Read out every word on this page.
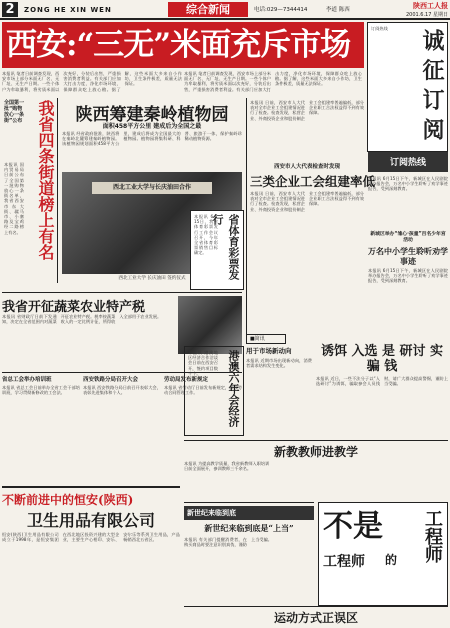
2	ZONG HE XIN WEN	综合新闻	电话:029—7344414	李道 陈西	陕西工人报
2001.6.17 星期日
西安:“三无”米面充斥市场
本报讯 笔者日前调查发现，西安市场上部分米面无厂名、无厂址、无生产日期。一些个体户为牟取暴利，将劣质米面以次充好，分装后出售，严重损害消费者利益。有关部门应加大打击力度，净化市场环境，保障群众吃上放心粮。据了解，这些米面大多来自小作坊，卫生条件极差，质量无法保证。
本报讯 笔者日前调查发现，西安市场上部分米面无厂名、无厂址、无生产日期。一些个体户为牟取暴利，将劣质米面以次充好，分装后出售，严重损害消费者利益。有关部门应加大打击力度，净化市场环境，保障群众吃上放心粮。据了解，这些米面大多来自小作坊，卫生条件极差，质量无法保证。
订阅热线
诚 征 订 阅
订阅热线
全国第一批“购物放心一条街”公布 我省四条街道榜上有名
本报讯 国内贸易局日前公布了全国第一批购物放心一条街名单，我省西安市东大街、骡马市、小寨路及宝鸡经二路榜上有名。
陕西筹建秦岭植物园
面积458平方公里 建成后为全国之最
本报讯 经省政府批准，陕西将在秦岭北麓筹建秦岭植物园。该植物园规划面积458平方公里，建成后将成为全国最大的植物园。植物园将集科研、科普、旅游于一体，保护秦岭珍稀动植物资源。
西北工业大学与长庆油田合作
西北工业大学 长庆油田 签约仪式
本报讯 日前，西安市人大代表对全市企业工会组建情况进行了检查。检查发现，私营企业、外商投资企业和股份制企业工会组建率普遍偏低，部分企业职工合法权益得不到有效保障。
西安市人大代表检查时发现
三类企业工会组建率低
本报讯 日前，西安市人大代表对全市企业工会组建情况进行了检查。检查发现，私营企业、外商投资企业和股份制企业工会组建率普遍偏低，部分企业职工合法权益得不到有效保障。
省体育彩票发行
本报讯 6月15日，我省体育彩票发行工作会议召开，今年全省体育彩票销售目标确定。
本报讯 6月15日下午，新城区在人民剧院举办报告会，万名中小学生聆听了劝学事迹报告，受到深刻教育。
新城区举办“雏心·孩童”百名少年宫活动
万名中小学生聆听劝学事迹
本报讯 6月15日下午，新城区在人民剧院举办报告会，万名中小学生聆听了劝学事迹报告，受到深刻教育。
我省开征蔬菜农业特产税
本报讯 省财政厅日前下发通知，决定在全省范围内对蔬菜开征农业特产税。税率按蔬菜收入的一定比例计征，所得收入全部用于农业发展。
省总工会举办培训班
本报讯 省总工会日前举办全省工会干部培训班，学习贯彻新修改的工会法。
西安铁路分局召开大会
本报讯 西安铁路分局日前召开表彰大会，表彰先进集体和个人。
劳动局发布新规定
本报讯 省劳动厅日前发布新规定，加强劳动合同管理工作。
不断前进中的恒安(陕西)
卫生用品有限公司
恒安(陕西)卫生用品有限公司成立于1998年，是恒安集团在西北地区投资兴建的大型企业，主要生产心相印、安乐、安尔乐等系列卫生用品，产品畅销西北五省区。
港澳六年会经济
本报讯 港澳地区经济合作洽谈会日前在西安召开，签约项目数十个。
用于市场新动向
本报讯 近期市场出现新动向，消费者需求结构发生变化。
诱饵 入选 是 研讨 实 骗 钱
本报讯 近日，一些不法分子以“入选研讨”为诱饵，骗取参会人员钱财，请广大群众提高警惕，谨防上当受骗。
新教教师进教学
本报讯 为提高教学质量，我省新教师入职培训日前全面展开，参训教师三千余名。
新世纪来临到底
新世纪来临到底是“上当”
本报讯 有关部门提醒消费者，在购买商品时要注意识别真伪，谨防上当受骗。	不是
工程师	的	工程师
运动方式正误区
■简讯
